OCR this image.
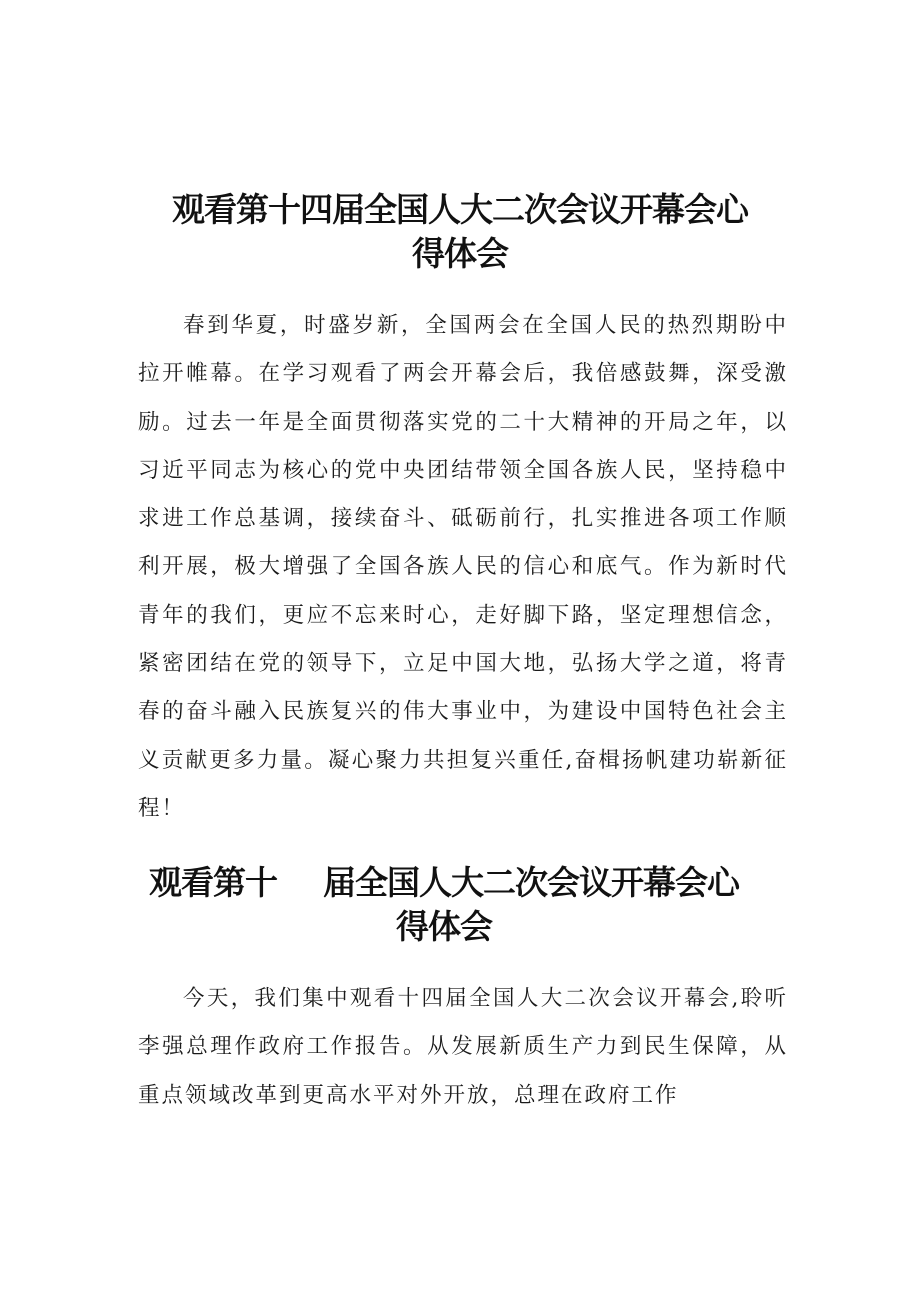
观看第十四届全国人大二次会议开幕会心
得体会

春到华夏，时盛岁新，全国两会在全国人民的热烈期盼中拉开帷幕。在学习观看了两会开幕会后，我倍感鼓舞，深受激励。过去一年是全面贯彻落实党的二十大精神的开局之年，以习近平同志为核心的党中央团结带领全国各族人民，坚持稳中求进工作总基调，接续奋斗、砥砺前行，扎实推进各项工作顺利开展，极大增强了全国各族人民的信心和底气。作为新时代青年的我们，更应不忘来时心，走好脚下路，坚定理想信念，紧密团结在党的领导下，立足中国大地，弘扬大学之道，将青春的奋斗融入民族复兴的伟大事业中，为建设中国特色社会主义贡献更多力量。凝心聚力共担复兴重任,奋楫扬帆建功崭新征程！

观看第十 届全国人大二次会议开幕会心
得体会

今天，我们集中观看十四届全国人大二次会议开幕会,聆听李强总理作政府工作报告。从发展新质生产力到民生保障，从重点领域改革到更高水平对外开放，总理在政府工作
